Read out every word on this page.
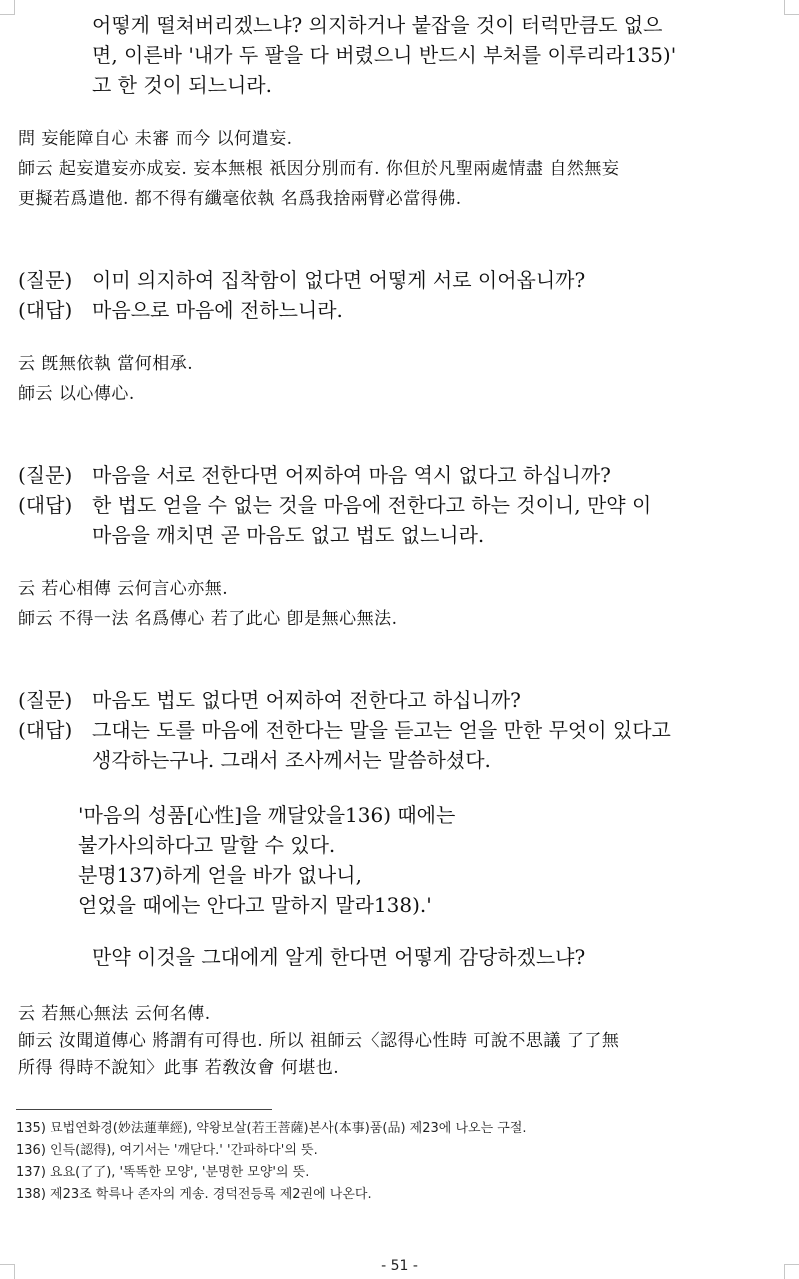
어떻게 떨쳐버리겠느냐? 의지하거나 붙잡을 것이 터럭만큼도 없으
면, 이른바 '내가 두 팔을 다 버렸으니 반드시 부처를 이루리라135)'
고 한 것이 되느니라.
問 妄能障自心 未審 而今 以何遣妄.
師云 起妄遣妄亦成妄. 妄本無根 祇因分別而有. 你但於凡聖兩處情盡 自然無妄
更擬若爲遣他. 都不得有纖毫依執 名爲我捨兩臂必當得佛.
(질문) 이미 의지하여 집착함이 없다면 어떻게 서로 이어옵니까?
(대답) 마음으로 마음에 전하느니라.
云 旣無依執 當何相承.
師云 以心傳心.
(질문) 마음을 서로 전한다면 어찌하여 마음 역시 없다고 하십니까?
(대답) 한 법도 얻을 수 없는 것을 마음에 전한다고 하는 것이니, 만약 이
마음을 깨치면 곧 마음도 없고 법도 없느니라.
云 若心相傳 云何言心亦無.
師云 不得一法 名爲傳心 若了此心 卽是無心無法.
(질문) 마음도 법도 없다면 어찌하여 전한다고 하십니까?
(대답) 그대는 도를 마음에 전한다는 말을 듣고는 얻을 만한 무엇이 있다고
생각하는구나. 그래서 조사께서는 말씀하셨다.
'마음의 성품[心性]을 깨달았을136) 때에는
불가사의하다고 말할 수 있다.
분명137)하게 얻을 바가 없나니,
얻었을 때에는 안다고 말하지 말라138).'
만약 이것을 그대에게 알게 한다면 어떻게 감당하겠느냐?
云 若無心無法 云何名傳.
師云 汝聞道傳心 將謂有可得也. 所以 祖師云〈認得心性時 可說不思議 了了無
所得 得時不說知〉此事 若敎汝會 何堪也.
135) 묘법연화경(妙法蓮華經), 약왕보살(若王菩薩)본사(本事)품(品) 제23에 나오는 구절.
136) 인득(認得), 여기서는 '깨닫다.' '간파하다'의 뜻.
137) 요요(了了), '똑똑한 모양', '분명한 모양'의 뜻.
138) 제23조 학륵나 존자의 게송. 경덕전등록 제2권에 나온다.
- 51 -
